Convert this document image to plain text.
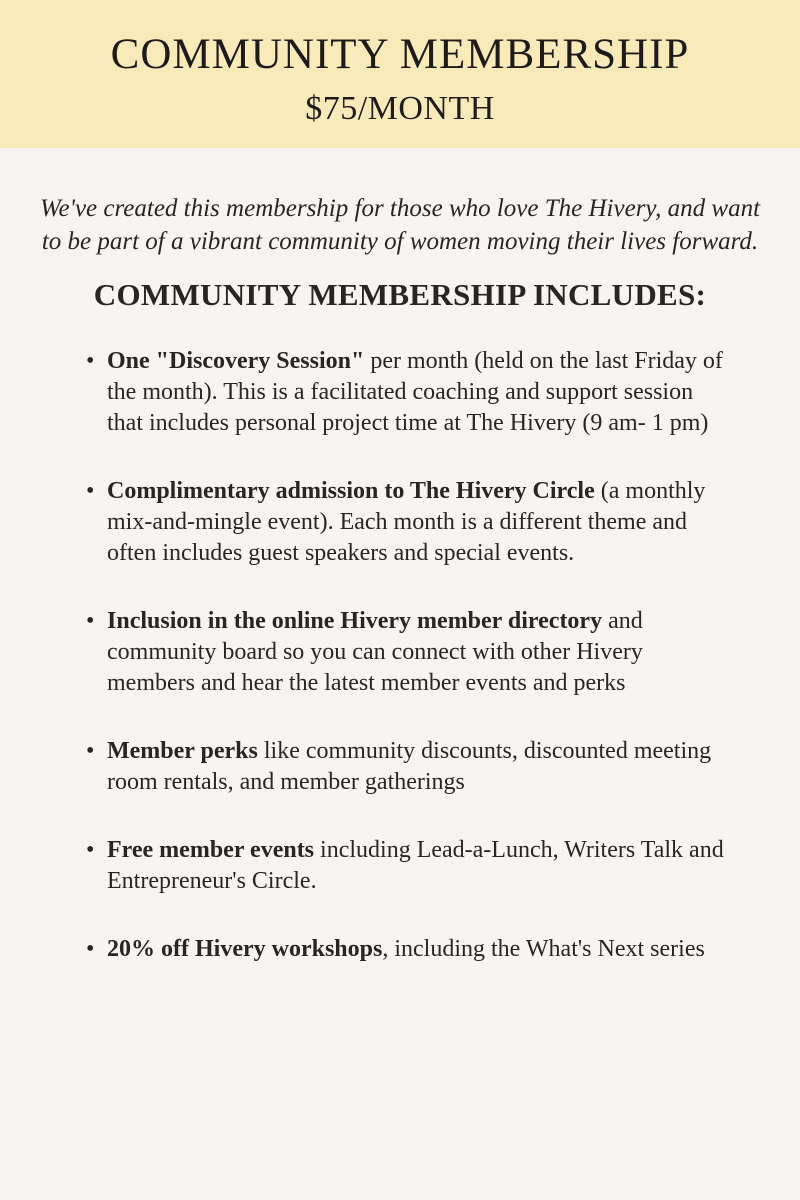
COMMUNITY MEMBERSHIP
$75/MONTH

We've created this membership for those who love The Hivery, and want to be part of a vibrant community of women moving their lives forward.

COMMUNITY MEMBERSHIP INCLUDES:
• One "Discovery Session" per month (held on the last Friday of the month). This is a facilitated coaching and support session that includes personal project time at The Hivery (9 am- 1 pm)
• Complimentary admission to The Hivery Circle (a monthly mix-and-mingle event). Each month is a different theme and often includes guest speakers and special events.
• Inclusion in the online Hivery member directory and community board so you can connect with other Hivery members and hear the latest member events and perks
• Member perks like community discounts, discounted meeting room rentals, and member gatherings
• Free member events including Lead-a-Lunch, Writers Talk and Entrepreneur's Circle.
• 20% off Hivery workshops, including the What's Next series
